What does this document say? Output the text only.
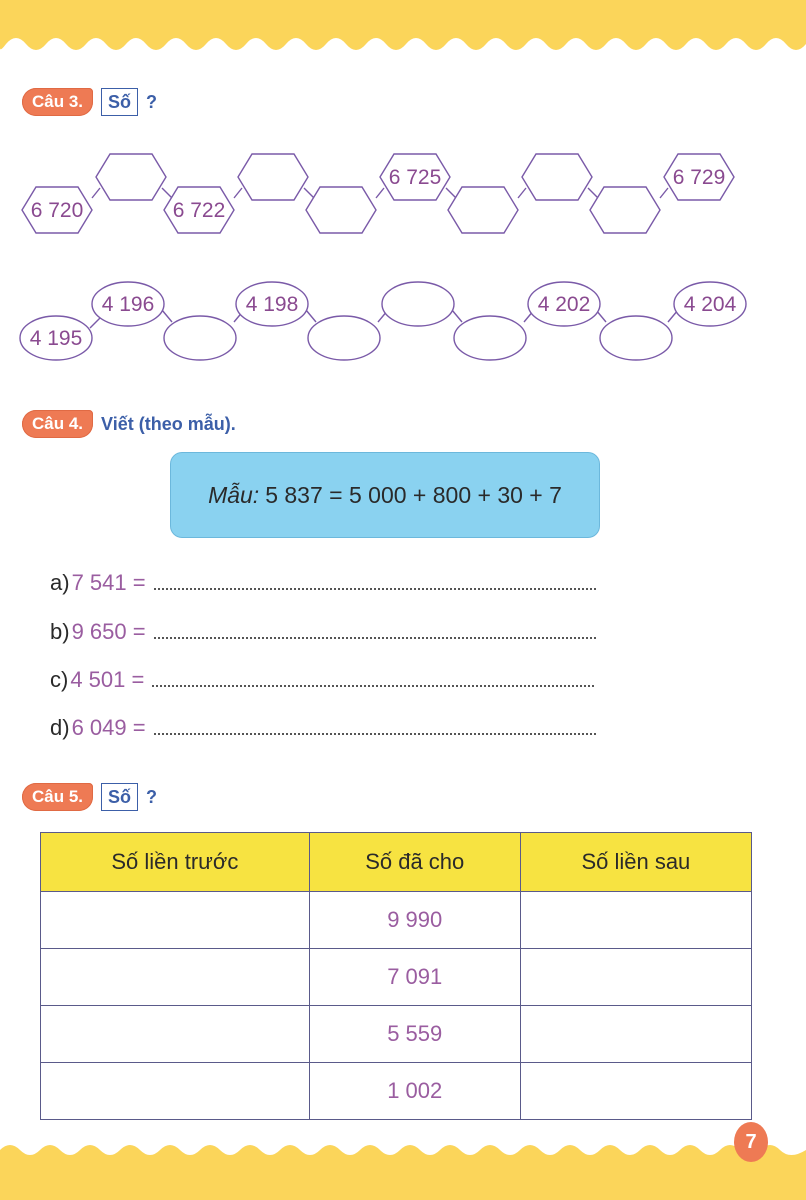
Câu 3.	Số ?
6 720	6 722
6 725	6 729
4 195
4 196	4 198	4 202	4 204
Câu 4.	Viết (theo mẫu).
Mẫu: 5 837 = 5 000 + 800 + 30 + 7
a) 7 541 =
b) 9 650 =
c) 4 501 =
d) 6 049 =
Câu 5.	Số ?
Số liền trước	Số đã cho	Số liền sau
	9 990	
	7 091	
	5 559	
	1 002	
7
